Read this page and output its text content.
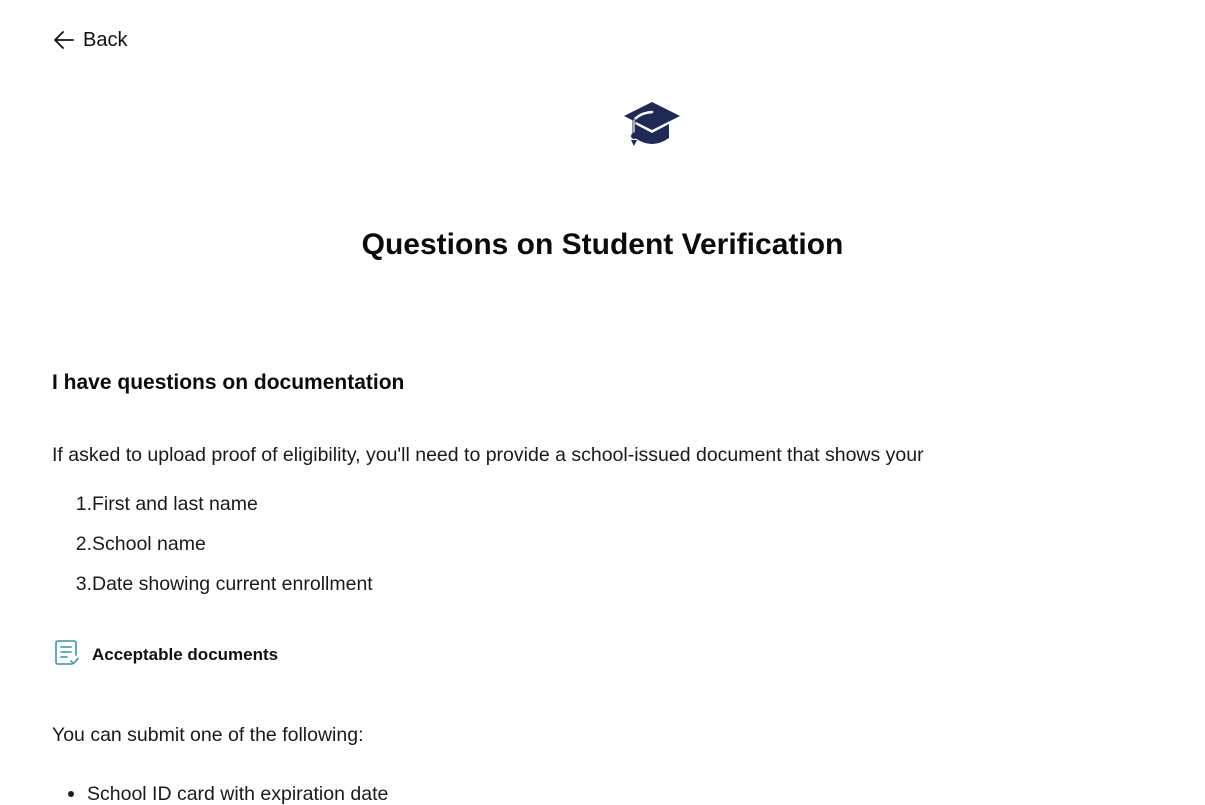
Back
Questions on Student Verification
I have questions on documentation

If asked to upload proof of eligibility, you'll need to provide a school-issued document that shows your

1. First and last name
2. School name
3. Date showing current enrollment
Acceptable documents

You can submit one of the following:

School ID card with expiration date
